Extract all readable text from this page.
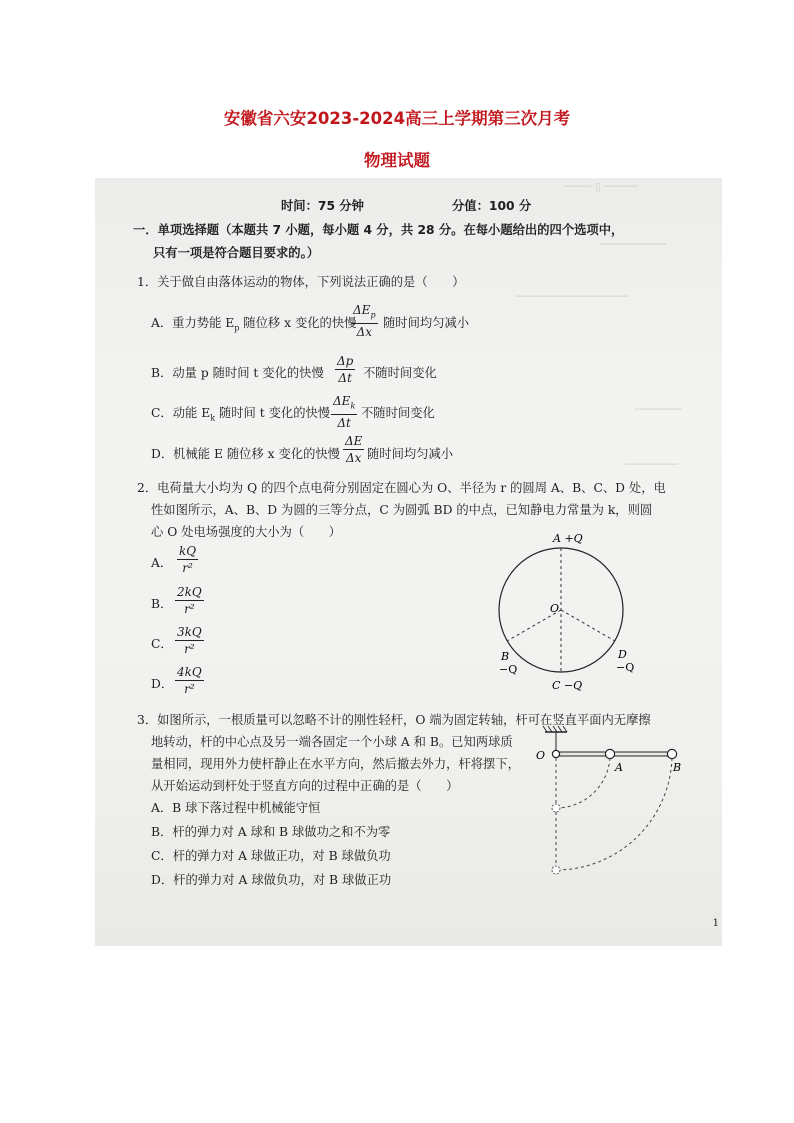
安徽省六安2023-2024高三上学期第三次月考
物理试题
──── ▯ ─────
──────────
─────────────────
───────
────────
时间：75 分钟	分值：100 分
一．单项选择题（本题共 7 小题，每小题 4 分，共 28 分。在每小题给出的四个选项中，
只有一项是符合题目要求的。）
1．关于做自由落体运动的物体，下列说法正确的是（　　）
A．重力势能 $E_p$ 随位移 x 变化的快慢
$\Delta E_p$
Δx
随时间均匀减小
B．动量 p 随时间 t 变化的快慢 $\frac{\Delta p}{\Delta t}$ 不随时间变化
C．动能 $E_k$ 随时间 t 变化的快慢
$\Delta E_k$
Δt
不随时间变化
D．机械能 E 随位移 x 变化的快慢 $\frac{\Delta E}{\Delta x}$ 随时间均匀减小
2．电荷量大小均为 Q 的四个点电荷分别固定在圆心为 O、半径为 r 的圆周 A、B、C、D 处，电
性如图所示，A、B、D 为圆的三等分点，C 为圆弧 BD 的中点，已知静电力常量为 k，则圆
心 O 处电场强度的大小为（　　）
A． $\frac{kQ}{\text{r²}}$
B． $\frac{2kQ}{\text{r²}}$
C． $\frac{3kQ}{\text{r²}}$
D． $\frac{4kQ}{\text{r²}}$
A +Q
O
B
−Q
D
−Q
C −Q
3．如图所示，一根质量可以忽略不计的刚性轻杆，O 端为固定转轴，杆可在竖直平面内无摩擦
地转动，杆的中心点及另一端各固定一个小球 A 和 B。已知两球质
量相同，现用外力使杆静止在水平方向，然后撤去外力，杆将摆下，
从开始运动到杆处于竖直方向的过程中正确的是（　　）
A．B 球下落过程中机械能守恒
B．杆的弹力对 A 球和 B 球做功之和不为零
C．杆的弹力对 A 球做正功，对 B 球做负功
D．杆的弹力对 A 球做负功，对 B 球做正功
O
A	B
1
